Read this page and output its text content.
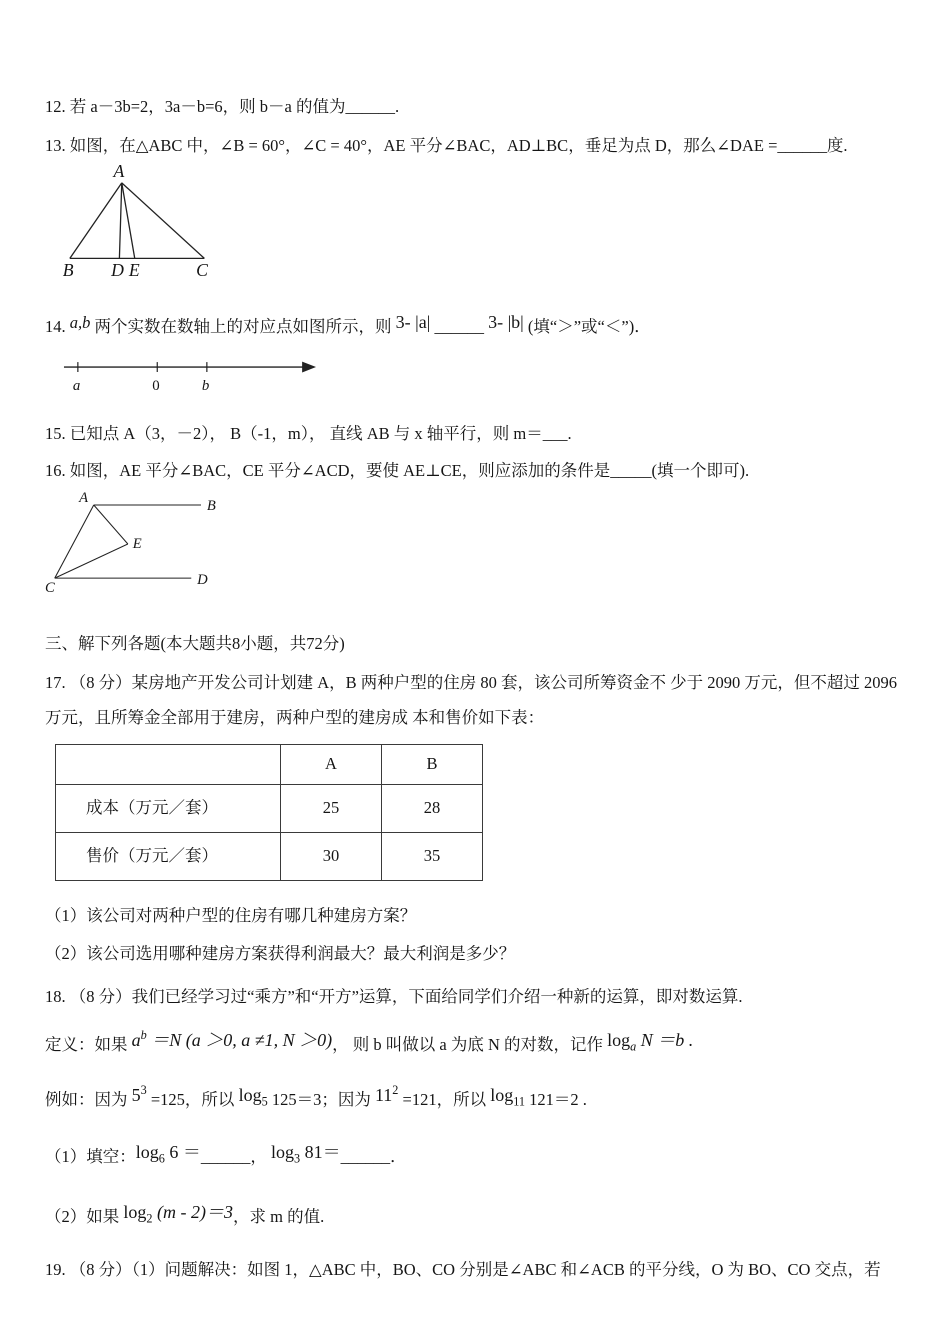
12. 若 a－3b=2，3a－b=6，则 b－a 的值为______.

13. 如图，在△ABC 中，∠B = 60°，∠C = 40°，AE 平分∠BAC，AD⊥BC，垂足为点 D，那么∠DAE =______度.

A
B	D E	C

14. a,b 两个实数在数轴上的对应点如图所示，则 3- |a| ______ 3- |b| (填“＞”或“＜”)．

a	0	b

15. 已知点 A（3，－2）， B（-1，m）， 直线 AB 与 x 轴平行，则 m＝___.

16. 如图，AE 平分∠BAC，CE 平分∠ACD，要使 AE⊥CE，则应添加的条件是_____(填一个即可).

A	B
E
C	D

三、解下列各题(本大题共8小题，共72分)

17. （8 分）某房地产开发公司计划建 A，B 两种户型的住房 80 套，该公司所筹资金不 少于 2090 万元，但不超过 2096 万元，且所筹金全部用于建房，两种户型的建房成 本和售价如下表：

	A	B
成本（万元／套）	25	28
售价（万元／套）	30	35

（1）该公司对两种户型的住房有哪几种建房方案？

（2）该公司选用哪种建房方案获得利润最大？最大利润是多少？

18. （8 分）我们已经学习过“乘方”和“开方”运算，下面给同学们介绍一种新的运算，即对数运算.

定义：如果 $a^b =N$ (a ＞0, a ≠1, N ＞0)， 则 b 叫做以 a 为底 N 的对数，记作 $\log_a N =b$ .

例如：因为 $5^3 =125$，所以 $\log_5 125=3$；因为 $11^2 =121$，所以 $\log_{11} 121=2$ .

（1）填空：$\log_6 6$ ＝______， $\log_3$ 81＝______．

（2）如果 $\log_2 (m - 2)=3$，求 m 的值.

19. （8 分）（1）问题解决：如图 1，△ABC 中，BO、CO 分别是∠ABC 和∠ACB 的平分线，O 为 BO、CO 交点，若
